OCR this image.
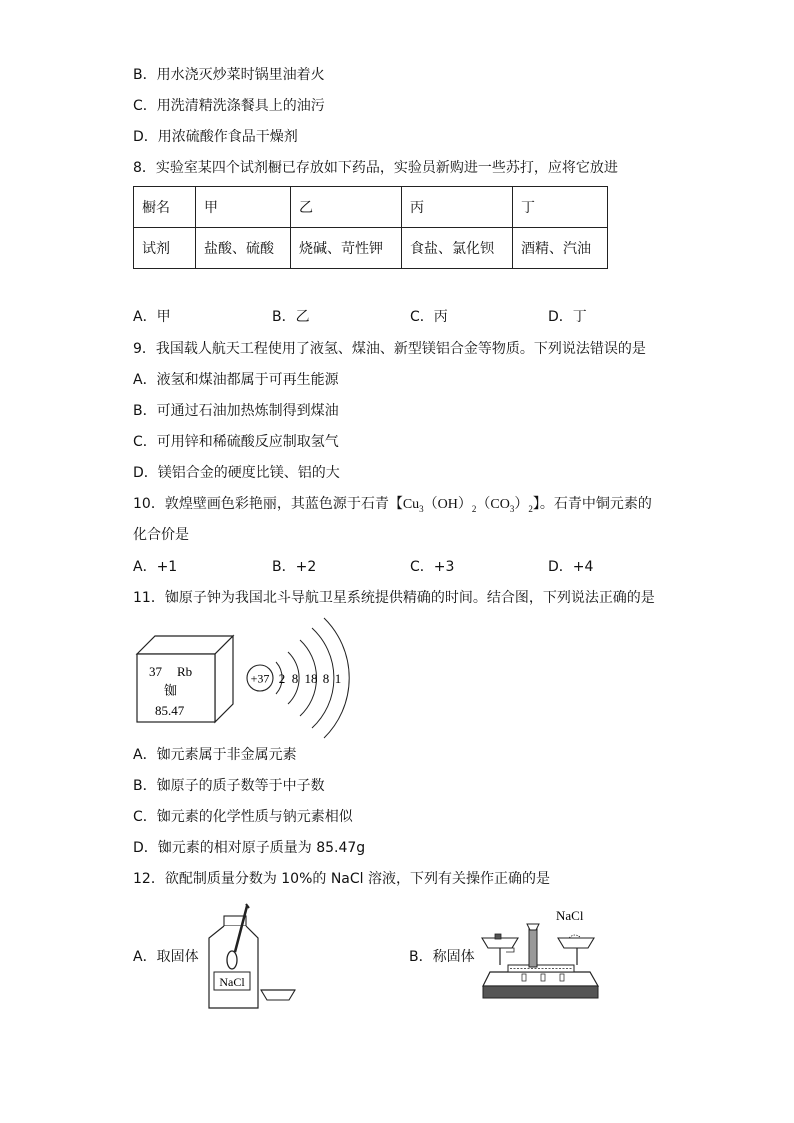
B．用水浇灭炒菜时锅里油着火
C．用洗清精洗涤餐具上的油污
D．用浓硫酸作食品干燥剂
8．实验室某四个试剂橱已存放如下药品，实验员新购进一些苏打，应将它放进
橱名	甲	乙	丙	丁
试剂	盐酸、硫酸	烧碱、苛性钾	食盐、氯化钡	酒精、汽油
A．甲	B．乙	C．丙	D．丁
9．我国载人航天工程使用了液氢、煤油、新型镁铝合金等物质。下列说法错误的是
A．液氢和煤油都属于可再生能源
B．可通过石油加热炼制得到煤油
C．可用锌和稀硫酸反应制取氢气
D．镁铝合金的硬度比镁、铝的大
10．敦煌壁画色彩艳丽，其蓝色源于石青【$Cu_3(OH)_2(CO_3)_2$】。石青中铜元素的
化合价是
A．+1	B．+2	C．+3	D．+4
11．铷原子钟为我国北斗导航卫星系统提供精确的时间。结合图，下列说法正确的是
37 Rb
铷
85.47
+37 2 8 18 8 1
A．铷元素属于非金属元素
B．铷原子的质子数等于中子数
C．铷元素的化学性质与钠元素相似
D．铷元素的相对原子质量为 85.47g
12．欲配制质量分数为 10%的 NaCl 溶液，下列有关操作正确的是
A．取固体	B．称固体
NaCl
NaCl
